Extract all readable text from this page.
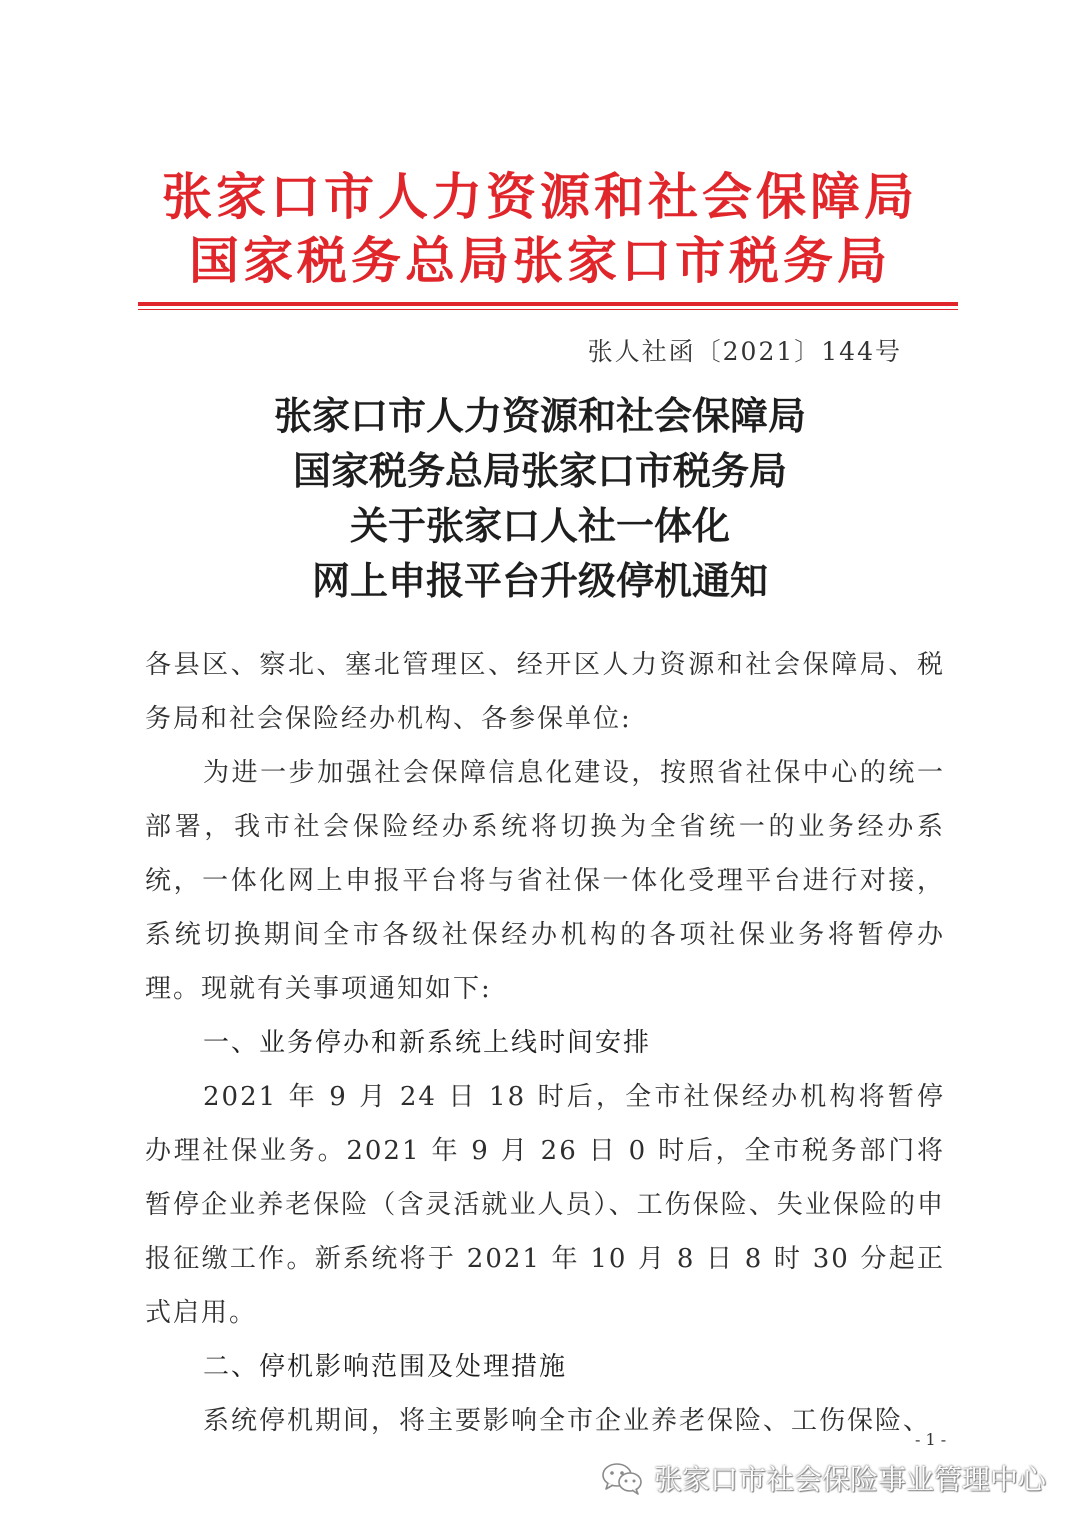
张家口市人力资源和社会保障局
国家税务总局张家口市税务局
张人社函〔2021〕144号
张家口市人力资源和社会保障局
国家税务总局张家口市税务局
关于张家口人社一体化
网上申报平台升级停机通知

各县区、察北、塞北管理区、经开区人力资源和社会保障局、税务局和社会保险经办机构、各参保单位:

为进一步加强社会保障信息化建设，按照省社保中心的统一部署，我市社会保险经办系统将切换为全省统一的业务经办系统，一体化网上申报平台将与省社保一体化受理平台进行对接，系统切换期间全市各级社保经办机构的各项社保业务将暂停办理。现就有关事项通知如下:

一、业务停办和新系统上线时间安排

2021 年 9 月 24 日 18 时后，全市社保经办机构将暂停办理社保业务。2021 年 9 月 26 日 0 时后，全市税务部门将暂停企业养老保险（含灵活就业人员）、工伤保险、失业保险的申报征缴工作。新系统将于 2021 年 10 月 8 日 8 时 30 分起正式启用。

二、停机影响范围及处理措施

系统停机期间，将主要影响全市企业养老保险、工伤保险、

- 1 -
张家口市社会保险事业管理中心
